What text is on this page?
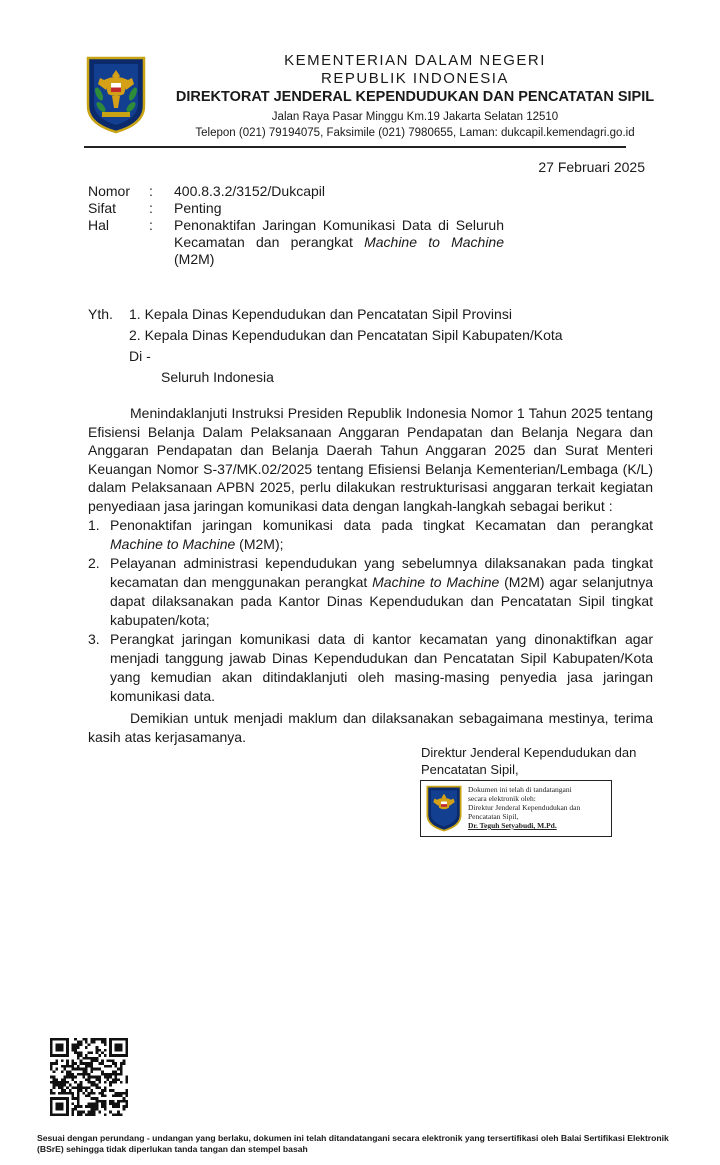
KEMENTERIAN DALAM NEGERI
REPUBLIK INDONESIA
DIREKTORAT JENDERAL KEPENDUDUKAN DAN PENCATATAN SIPIL
Jalan Raya Pasar Minggu Km.19 Jakarta Selatan 12510
Telepon (021) 79194075, Faksimile (021) 7980655, Laman: dukcapil.kemendagri.go.id
27 Februari 2025
Nomor : 400.8.3.2/3152/Dukcapil
Sifat : Penting
Hal	: Penonaktifan Jaringan Komunikasi Data di Seluruh Kecamatan dan perangkat Machine to Machine (M2M)
Yth. 1. Kepala Dinas Kependudukan dan Pencatatan Sipil Provinsi
2. Kepala Dinas Kependudukan dan Pencatatan Sipil Kabupaten/Kota
Di -
Seluruh Indonesia
Menindaklanjuti Instruksi Presiden Republik Indonesia Nomor 1 Tahun 2025 tentang Efisiensi Belanja Dalam Pelaksanaan Anggaran Pendapatan dan Belanja Negara dan Anggaran Pendapatan dan Belanja Daerah Tahun Anggaran 2025 dan Surat Menteri Keuangan Nomor S-37/MK.02/2025 tentang Efisiensi Belanja Kementerian/Lembaga (K/L) dalam Pelaksanaan APBN 2025, perlu dilakukan restrukturisasi anggaran terkait kegiatan penyediaan jasa jaringan komunikasi data dengan langkah-langkah sebagai berikut :
1. Penonaktifan jaringan komunikasi data pada tingkat Kecamatan dan perangkat Machine to Machine (M2M);
2. Pelayanan administrasi kependudukan yang sebelumnya dilaksanakan pada tingkat kecamatan dan menggunakan perangkat Machine to Machine (M2M) agar selanjutnya dapat dilaksanakan pada Kantor Dinas Kependudukan dan Pencatatan Sipil tingkat kabupaten/kota;
3. Perangkat jaringan komunikasi data di kantor kecamatan yang dinonaktifkan agar menjadi tanggung jawab Dinas Kependudukan dan Pencatatan Sipil Kabupaten/Kota yang kemudian akan ditindaklanjuti oleh masing-masing penyedia jasa jaringan komunikasi data.
Demikian untuk menjadi maklum dan dilaksanakan sebagaimana mestinya, terima kasih atas kerjasamanya.
Direktur Jenderal Kependudukan dan
Pencatatan Sipil,
Dokumen ini telah di tandatangani
secara elektronik oleh:
Direktur Jenderal Kependudukan dan
Pencatatan Sipil,
Dr. Teguh Setyabudi, M.Pd.
Sesuai dengan perundang - undangan yang berlaku, dokumen ini telah ditandatangani secara elektronik yang tersertifikasi oleh Balai Sertifikasi Elektronik (BSrE) sehingga tidak diperlukan tanda tangan dan stempel basah
